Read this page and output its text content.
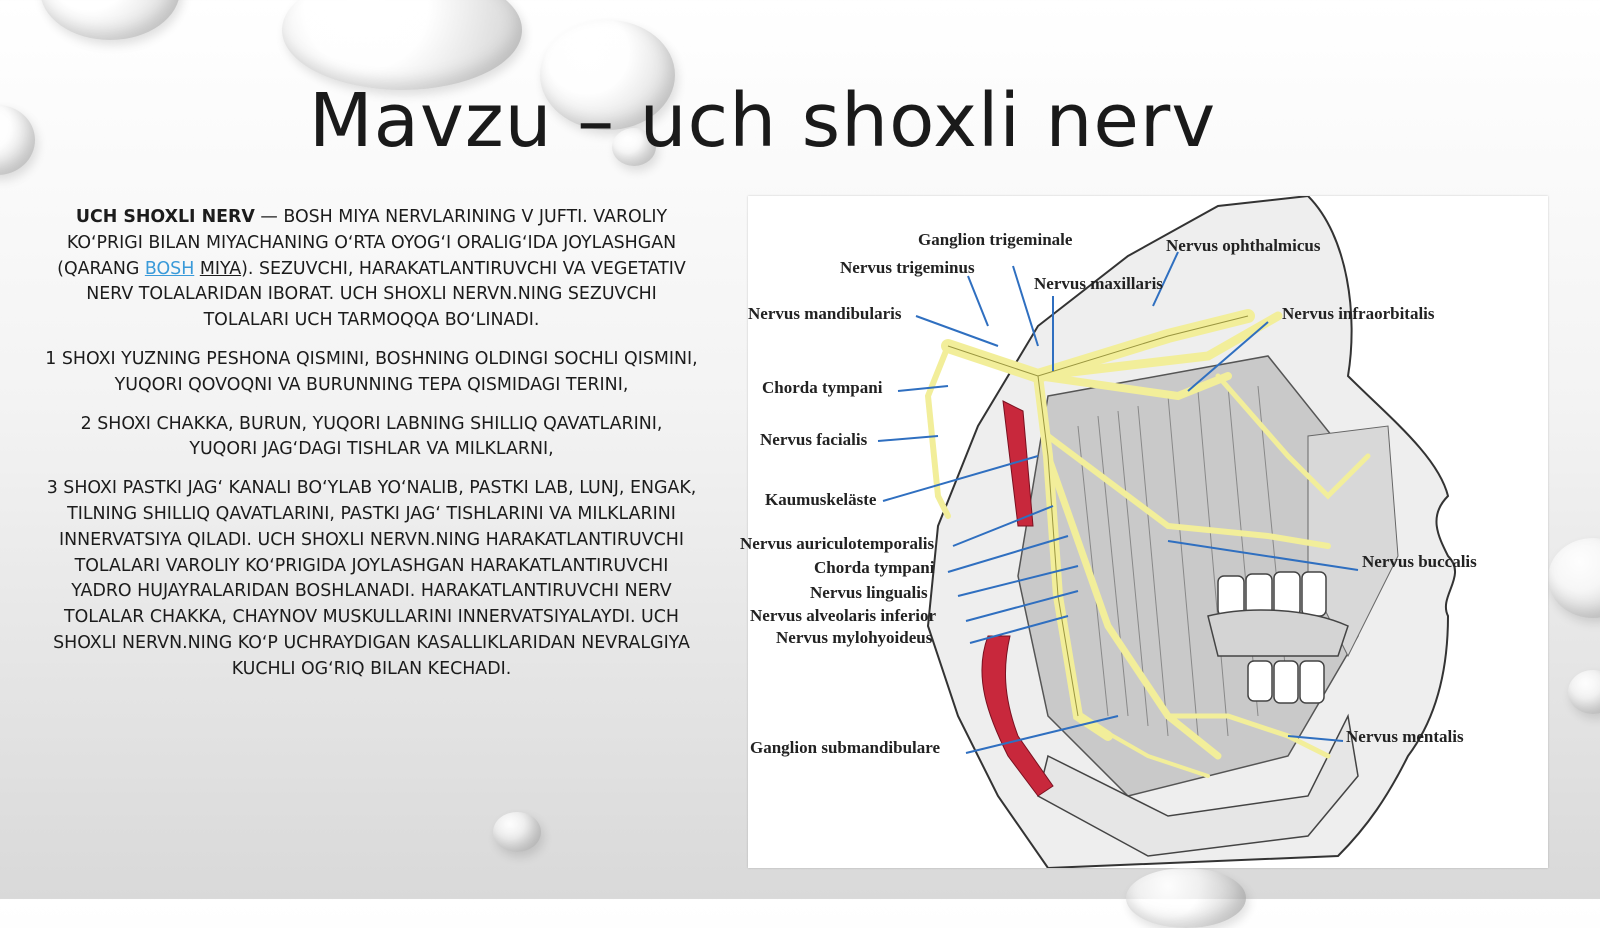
Mavzu – uch shoxli nerv

UCH SHOXLI NERV — BOSH MIYA NERVLARINING V JUFTI. VAROLIY KOʻPRIGI BILAN MIYACHANING OʻRTA OYOGʻI ORALIGʻIDA JOYLASHGAN (QARANG BOSH MIYA). SEZUVCHI, HARAKATLANTIRUVCHI VA VEGETATIV NERV TOLALARIDAN IBORAT. UCH SHOXLI NERVN.NING SEZUVCHI TOLALARI UCH TARMOQQA BOʻLINADI.

1 SHOXI YUZNING PESHONA QISMINI, BOSHNING OLDINGI SOCHLI QISMINI, YUQORI QOVOQNI VA BURUNNING TEPA QISMIDAGI TERINI,

2 SHOXI CHAKKA, BURUN, YUQORI LABNING SHILLIQ QAVATLARINI, YUQORI JAG‘DAGI TISHLAR VA MILKLARNI,

3 SHOXI PASTKI JAG‘ KANALI BO‘YLAB YO‘NALIB, PASTKI LAB, LUNJ, ENGAK, TILNING SHILLIQ QAVATLARINI, PASTKI JAG‘ TISHLARINI VA MILKLARINI INNERVATSIYA QILADI. UCH SHOXLI NERVN.NING HARAKATLANTIRUVCHI TOLALARI VAROLIY KOʻPRIGIDA JOYLASHGAN HARAKATLANTIRUVCHI YADRO HUJAYRALARIDAN BOSHLANADI. HARAKATLANTIRUVCHI NERV TOLALAR CHAKKA, CHAYNOV MUSKULLARINI INNERVATSIYALAYDI. UCH SHOXLI NERVN.NING KOʻP UCHRAYDIGAN KASALLIKLARIDAN NEVRALGIYA KUCHLI OGʻRIQ BILAN KECHADI.

Ganglion trigeminale	Nervus ophthalmicus
Nervus trigeminus
Nervus maxillaris
Nervus mandibularis	Nervus infraorbitalis
Chorda tympani
Nervus facialis
Kaumuskeläste
Nervus auriculotemporalis
Chorda tympani
Nervus lingualis
Nervus alveolaris inferior
Nervus mylohyoideus
Nervus buccalis
Ganglion submandibulare
Nervus mentalis
